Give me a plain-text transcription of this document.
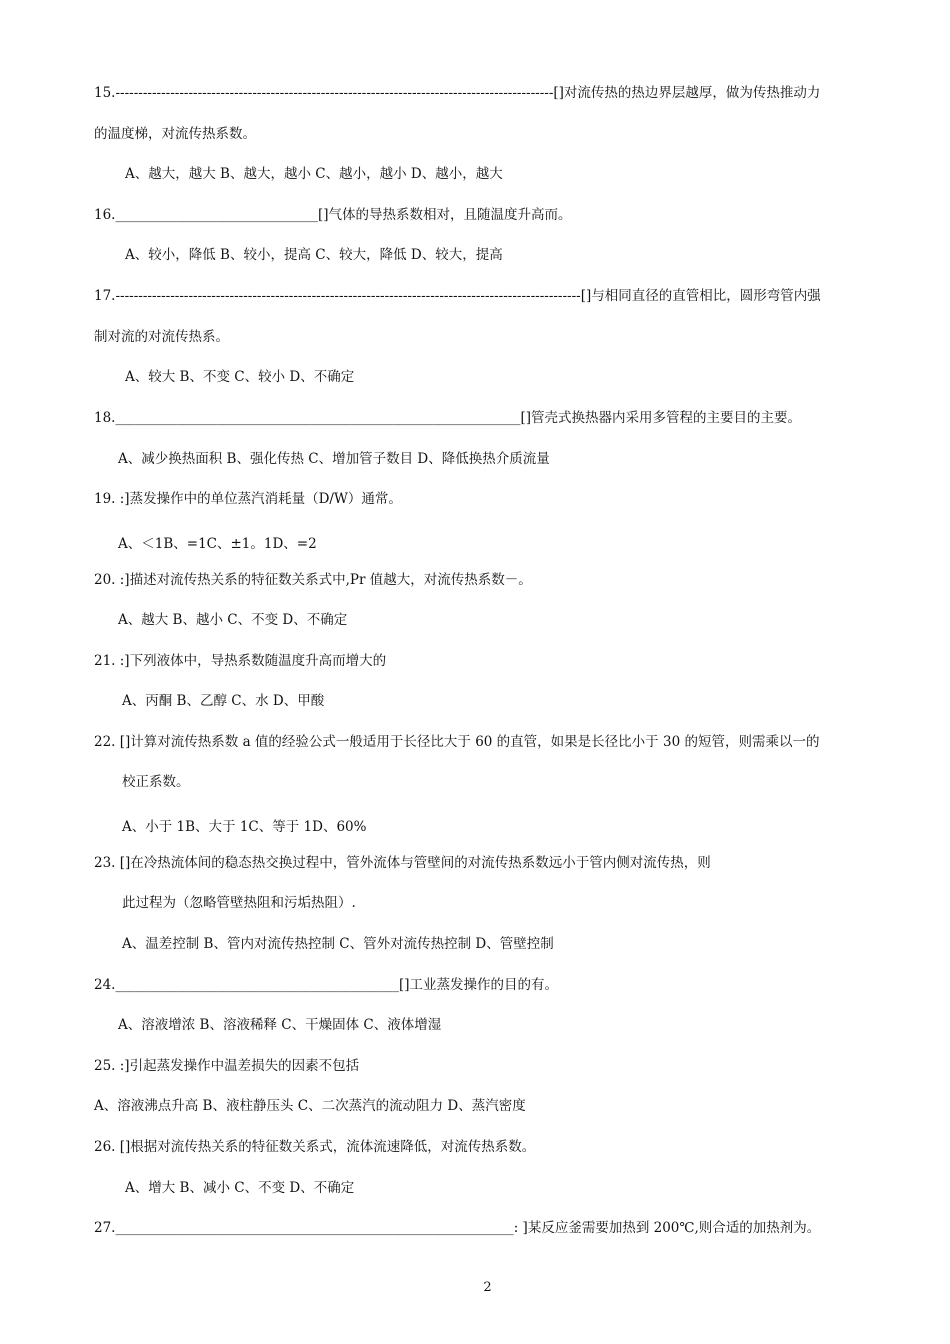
15.------------------------------------------------------------------------------------------------[]对流传热的热边界层越厚，做为传热推动力
的温度梯，对流传热系数。
A、越大，越大 B、越大，越小 C、越小，越小 D、越小，越大
16.______________________________[]气体的导热系数相对，且随温度升高而。
A、较小，降低 B、较小，提高 C、较大，降低 D、较大，提高
17.------------------------------------------------------------------------------------------------------[]与相同直径的直管相比，圆形弯管内强
制对流的对流传热系。
A、较大 B、不变 C、较小 D、不确定
18.____________________________________________________________[]管壳式换热器内采用多管程的主要目的主要。
A、减少换热面积 B、强化传热 C、增加管子数目 D、降低换热介质流量
19. :]蒸发操作中的单位蒸汽消耗量（D/W）通常。
A、＜1B、=1C、±1。1D、=2
20. :]描述对流传热关系的特征数关系式中,Pr 值越大，对流传热系数－。
A、越大 B、越小 C、不变 D、不确定
21. :]下列液体中，导热系数随温度升高而增大的
A、丙酮 B、乙醇 C、水 D、甲酸
22. []计算对流传热系数 a 值的经验公式一般适用于长径比大于 60 的直管，如果是长径比小于 30 的短管，则需乘以一的
校正系数。
A、小于 1B、大于 1C、等于 1D、60%
23. []在冷热流体间的稳态热交换过程中，管外流体与管壁间的对流传热系数远小于管内侧对流传热，则
此过程为（忽略管壁热阻和污垢热阻）.
A、温差控制 B、管内对流传热控制 C、管外对流传热控制 D、管壁控制
24.__________________________________________[]工业蒸发操作的目的有。
A、溶液增浓 B、溶液稀释 C、干燥固体 C、液体增湿
25. :]引起蒸发操作中温差损失的因素不包括
A、溶液沸点升高 B、液柱静压头 C、二次蒸汽的流动阻力 D、蒸汽密度
26. []根据对流传热关系的特征数关系式，流体流速降低，对流传热系数。
A、增大 B、减小 C、不变 D、不确定
27.___________________________________________________________: ]某反应釜需要加热到 200℃,则合适的加热剂为。
2
